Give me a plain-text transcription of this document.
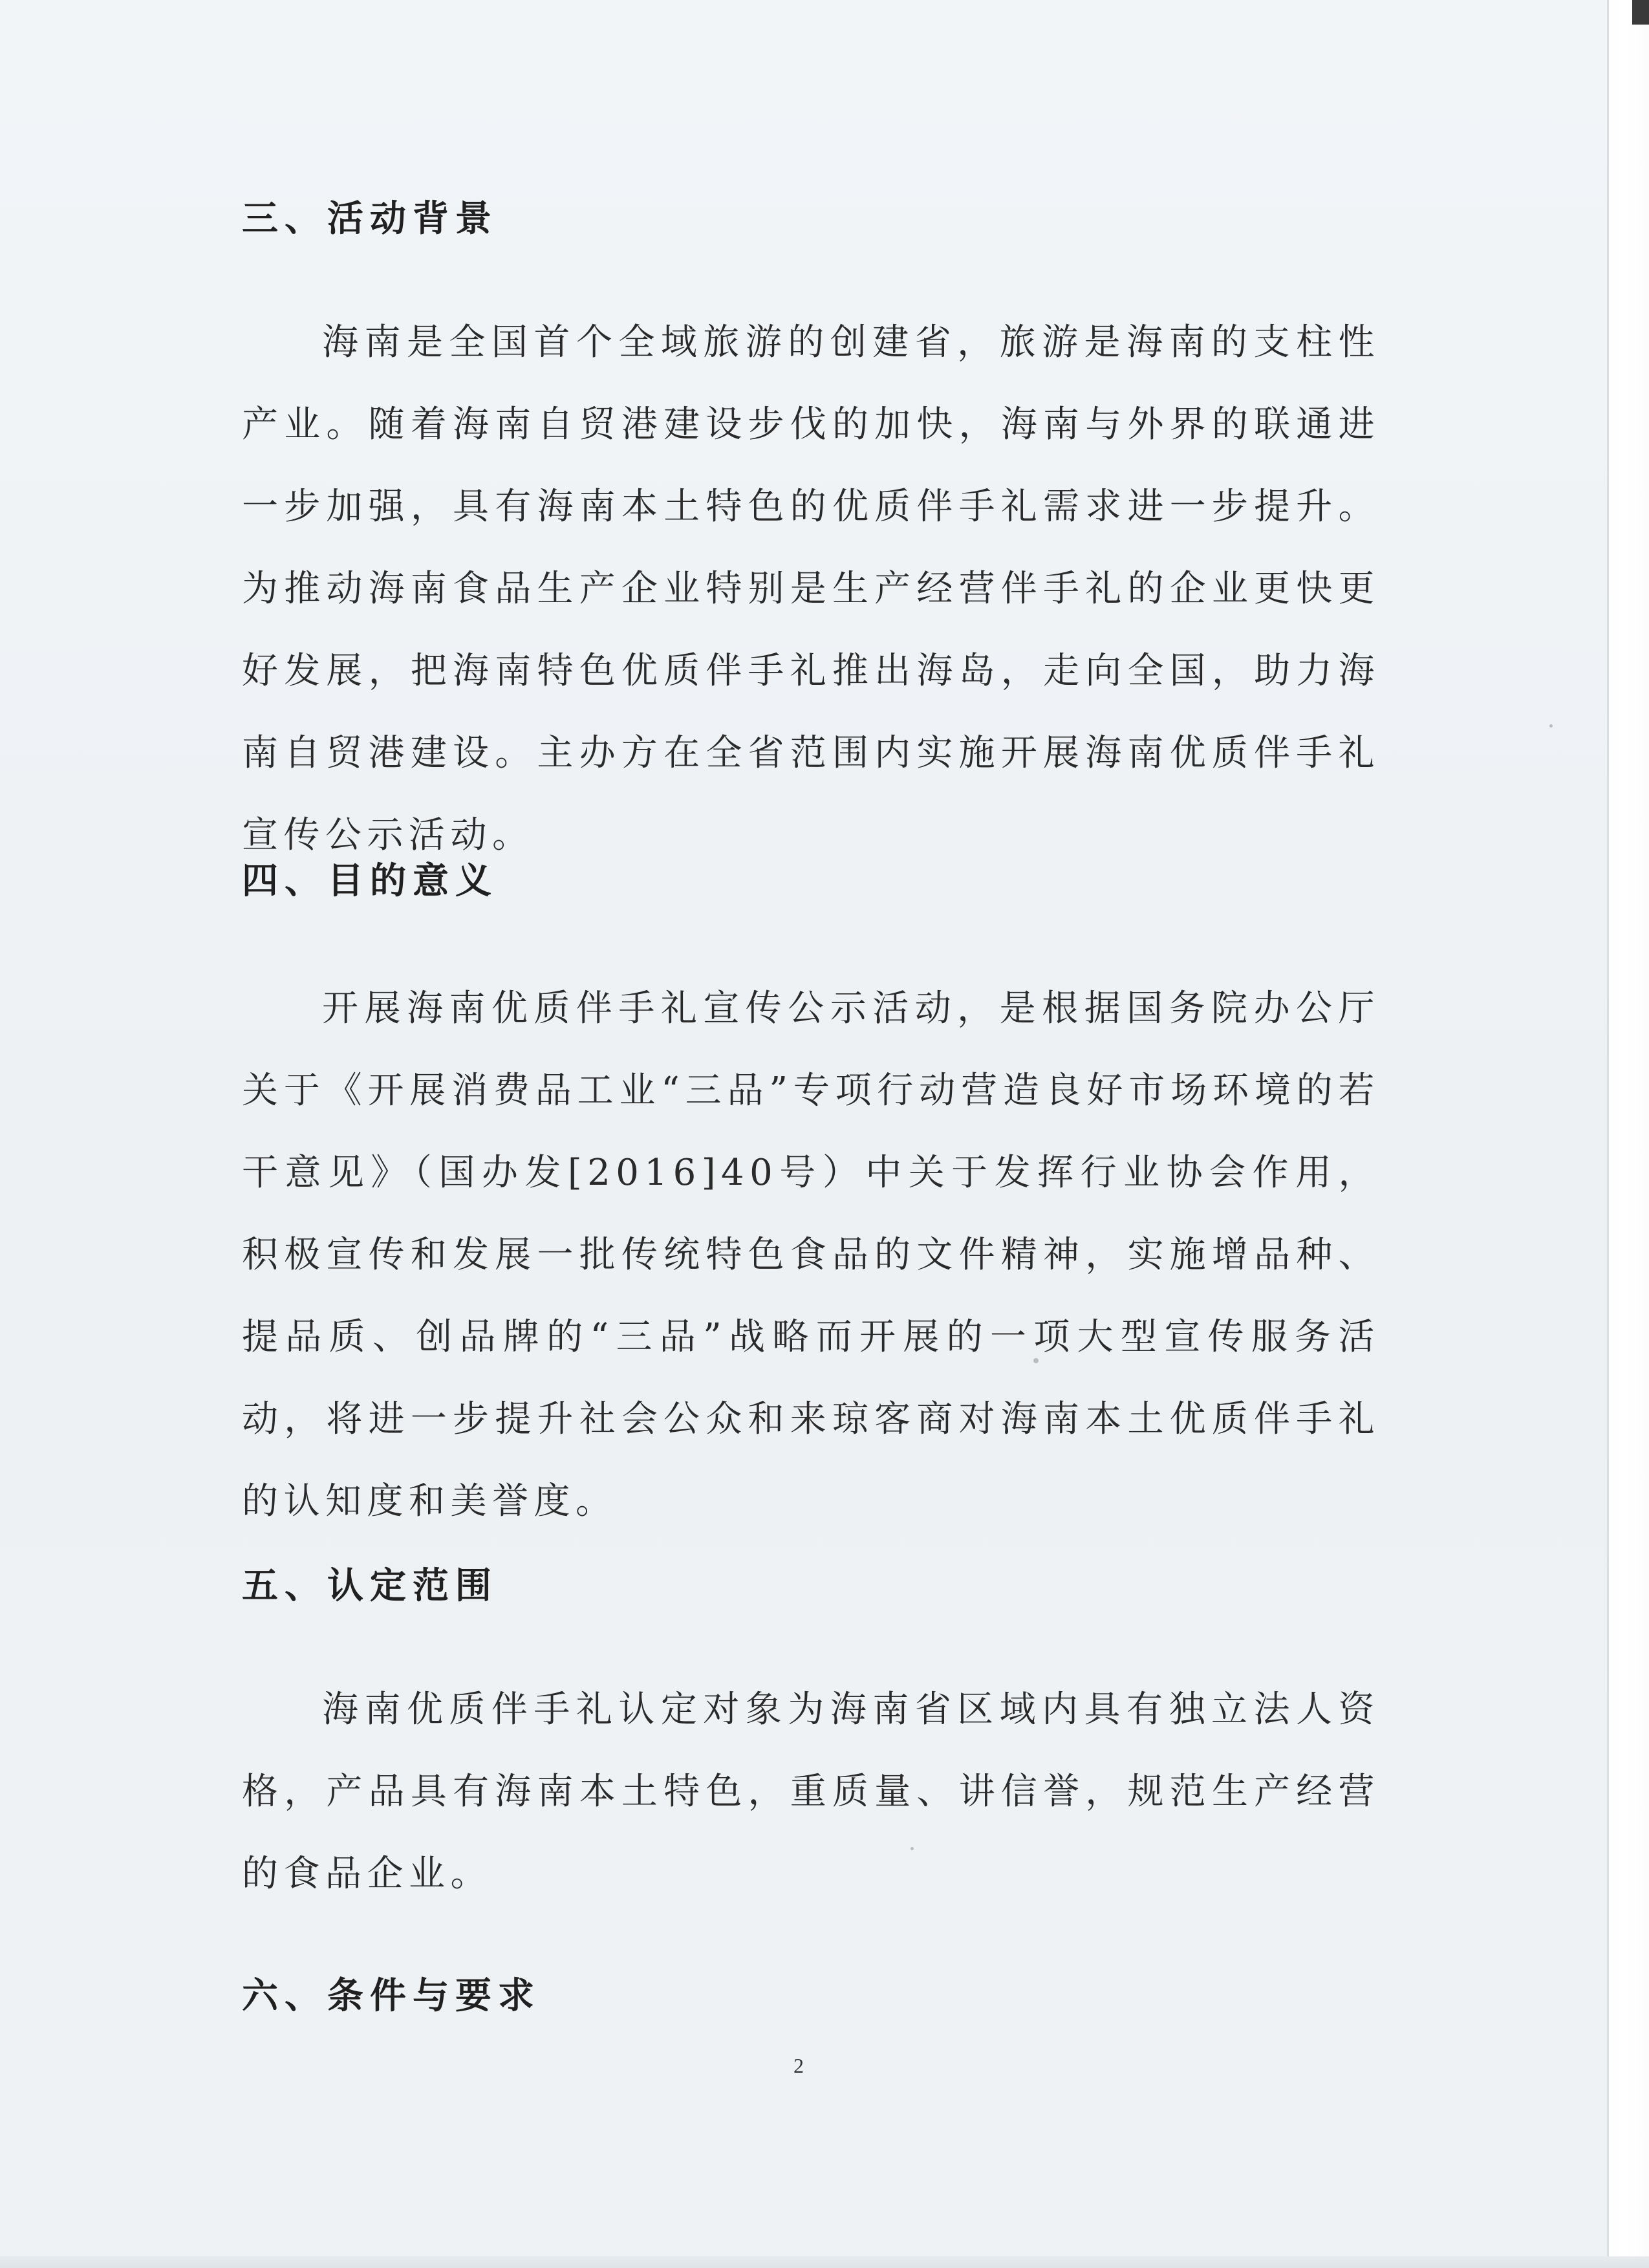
三、活动背景
海南是全国首个全域旅游的创建省，旅游是海南的支柱性产业。随着海南自贸港建设步伐的加快，海南与外界的联通进一步加强，具有海南本土特色的优质伴手礼需求进一步提升。为推动海南食品生产企业特别是生产经营伴手礼的企业更快更好发展，把海南特色优质伴手礼推出海岛，走向全国，助力海南自贸港建设。主办方在全省范围内实施开展海南优质伴手礼宣传公示活动。
四、目的意义
开展海南优质伴手礼宣传公示活动，是根据国务院办公厅关于《开展消费品工业“三品”专项行动营造良好市场环境的若干意见》（国办发[2016]40号）中关于发挥行业协会作用，积极宣传和发展一批传统特色食品的文件精神，实施增品种、提品质、创品牌的“三品”战略而开展的一项大型宣传服务活动，将进一步提升社会公众和来琼客商对海南本土优质伴手礼的认知度和美誉度。
五、认定范围
海南优质伴手礼认定对象为海南省区域内具有独立法人资格，产品具有海南本土特色，重质量、讲信誉，规范生产经营的食品企业。
六、条件与要求
2
